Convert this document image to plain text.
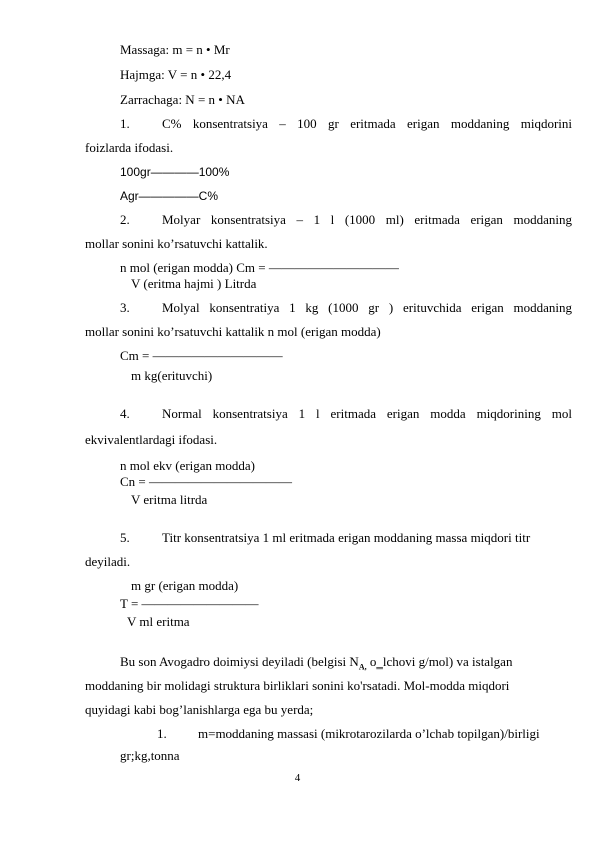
Massaga: m = n • Mr
Hajmga: V = n • 22,4
Zarrachaga: N = n • NA
1. C% konsentratsiya – 100 gr eritmada erigan moddaning miqdorini
foizlarda ifodasi.
100gr————100%
Agr—————C%
2. Molyar konsentratsiya – 1 l (1000 ml) eritmada erigan moddaning
mollar sonini ko’rsatuvchi kattalik.
n mol (erigan modda) Cm = ——————————
V (eritma hajmi ) Litrda
3. Molyal konsentratiya 1 kg (1000 gr ) erituvchida erigan moddaning
mollar sonini ko’rsatuvchi kattalik n mol (erigan modda)
Cm = ——————————
m kg(erituvchi)
4. Normal konsentratsiya 1 l eritmada erigan modda miqdorining mol
ekvivalentlardagi ifodasi.
n mol ekv (erigan modda)
Cn = ———————————
V eritma litrda
5. Titr konsentratsiya 1 ml eritmada erigan moddaning massa miqdori titr
deyiladi.
m gr (erigan modda)
T = —————————
V ml eritma
Bu son Avogadro doimiysi deyiladi (belgisi $N_{A,}$ o‗lchovi g/mol) va istalgan
moddaning bir molidagi struktura birliklari sonini ko'rsatadi. Mol-modda miqdori
quyidagi kabi bog’lanishlarga ega bu yerda;
1. m=moddaning massasi (mikrotarozilarda o’lchab topilgan)/birligi
gr;kg,tonna
4
